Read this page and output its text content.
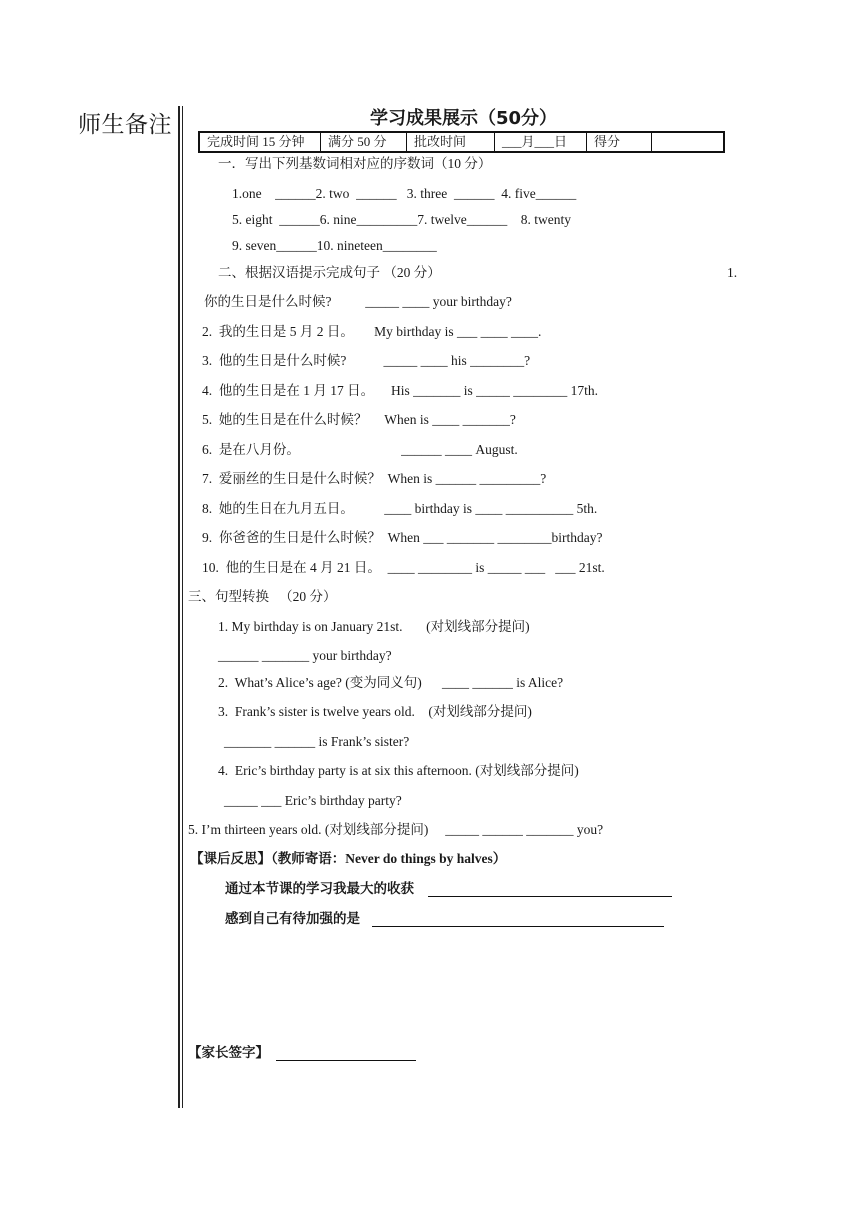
师生备注	学习成果展示（50分）
完成时间 15 分钟	满分 50 分	批改时间	___月___日	得分
一．写出下列基数词相对应的序数词（10 分）
1.one    ______2. two  ______   3. three  ______  4. five______
5. eight  ______6. nine_________7. twelve______    8. twenty
9. seven______10. nineteen________
二、根据汉语提示完成句子 （20 分）	1.
你的生日是什么时候?          _____ ____ your birthday?
2.  我的生日是 5 月 2 日。      My birthday is ___ ____ ____.
3.  他的生日是什么时候?           _____ ____ his ________?
4.  他的生日是在 1 月 17 日。     His _______ is _____ ________ 17th.
5.  她的生日是在什么时候？     When is ____ _______?
6.  是在八月份。                              ______ ____ August.
7.  爱丽丝的生日是什么时候？  When is ______ _________?
8.  她的生日在九月五日。         ____ birthday is ____ __________ 5th.
9.  你爸爸的生日是什么时候？  When ___ _______ ________birthday?
10.  他的生日是在 4 月 21 日。  ____ ________ is _____ ___   ___ 21st.
三、句型转换   （20 分）
1. My birthday is on January 21st.       (对划线部分提问)
______ _______ your birthday?
2.  What’s Alice’s age? (变为同义句)      ____ ______ is Alice?
3.  Frank’s sister is twelve years old.    (对划线部分提问)
_______ ______ is Frank’s sister?
4.  Eric’s birthday party is at six this afternoon. (对划线部分提问)
_____ ___ Eric’s birthday party?
5. I’m thirteen years old. (对划线部分提问)     _____ ______ _______ you?
【课后反思】（教师寄语：Never do things by halves）
通过本节课的学习我最大的收获
感到自己有待加强的是
【家长签字】
